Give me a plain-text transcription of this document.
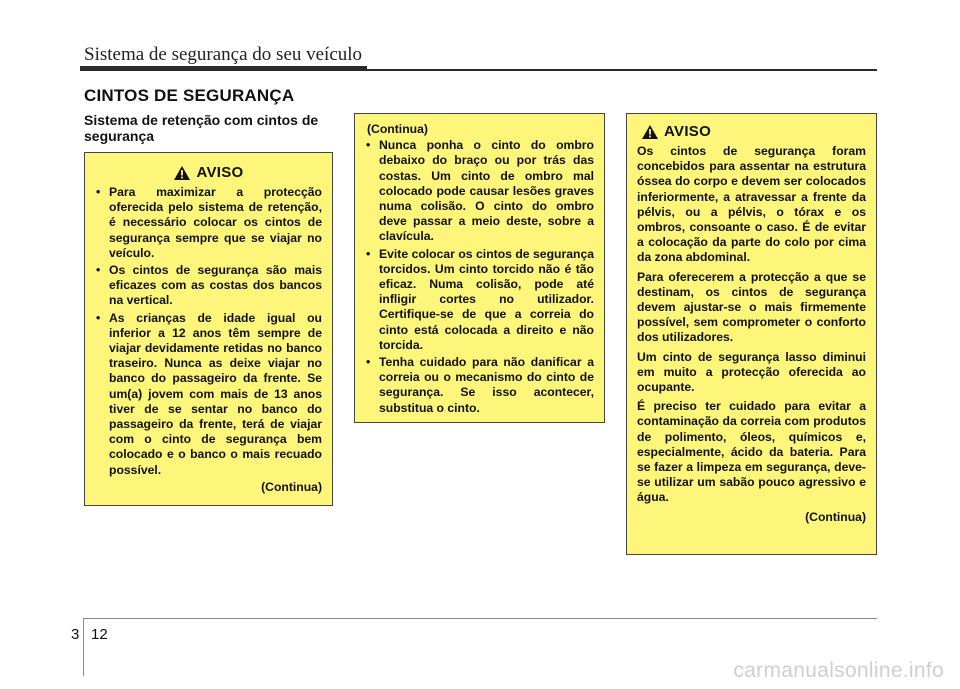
Sistema de segurança do seu veículo
CINTOS DE SEGURANÇA
Sistema de retenção com cintos de segurança
AVISO
• Para maximizar a protecção oferecida pelo sistema de retenção, é necessário colocar os cintos de segurança sempre que se viajar no veículo.
• Os cintos de segurança são mais eficazes com as costas dos bancos na vertical.
• As crianças de idade igual ou inferior a 12 anos têm sempre de viajar devidamente retidas no banco traseiro. Nunca as deixe viajar no banco do passageiro da frente. Se um(a) jovem com mais de 13 anos tiver de se sentar no banco do passageiro da frente, terá de viajar com o cinto de segurança bem colocado e o banco o mais recuado possível.
(Continua)
(Continua)
• Nunca ponha o cinto do ombro debaixo do braço ou por trás das costas. Um cinto de ombro mal colocado pode causar lesões graves numa colisão. O cinto do ombro deve passar a meio deste, sobre a clavícula.
• Evite colocar os cintos de segurança torcidos. Um cinto torcido não é tão eficaz. Numa colisão, pode até infligir cortes no utilizador. Certifique-se de que a correia do cinto está colocada a direito e não torcida.
• Tenha cuidado para não danificar a correia ou o mecanismo do cinto de segurança. Se isso acontecer, substitua o cinto.
AVISO

Os cintos de segurança foram concebidos para assentar na estrutura óssea do corpo e devem ser colocados inferiormente, a atravessar a frente da pélvis, ou a pélvis, o tórax e os ombros, consoante o caso. É de evitar a colocação da parte do colo por cima da zona abdominal.

Para oferecerem a protecção a que se destinam, os cintos de segurança devem ajustar-se o mais firmemente possível, sem comprometer o conforto dos utilizadores.

Um cinto de segurança lasso diminui em muito a protecção oferecida ao ocupante.

É preciso ter cuidado para evitar a contaminação da correia com produtos de polimento, óleos, químicos e, especialmente, ácido da bateria. Para se fazer a limpeza em segurança, deve-se utilizar um sabão pouco agressivo e água.

(Continua)
3 12
carmanualsonline.info
